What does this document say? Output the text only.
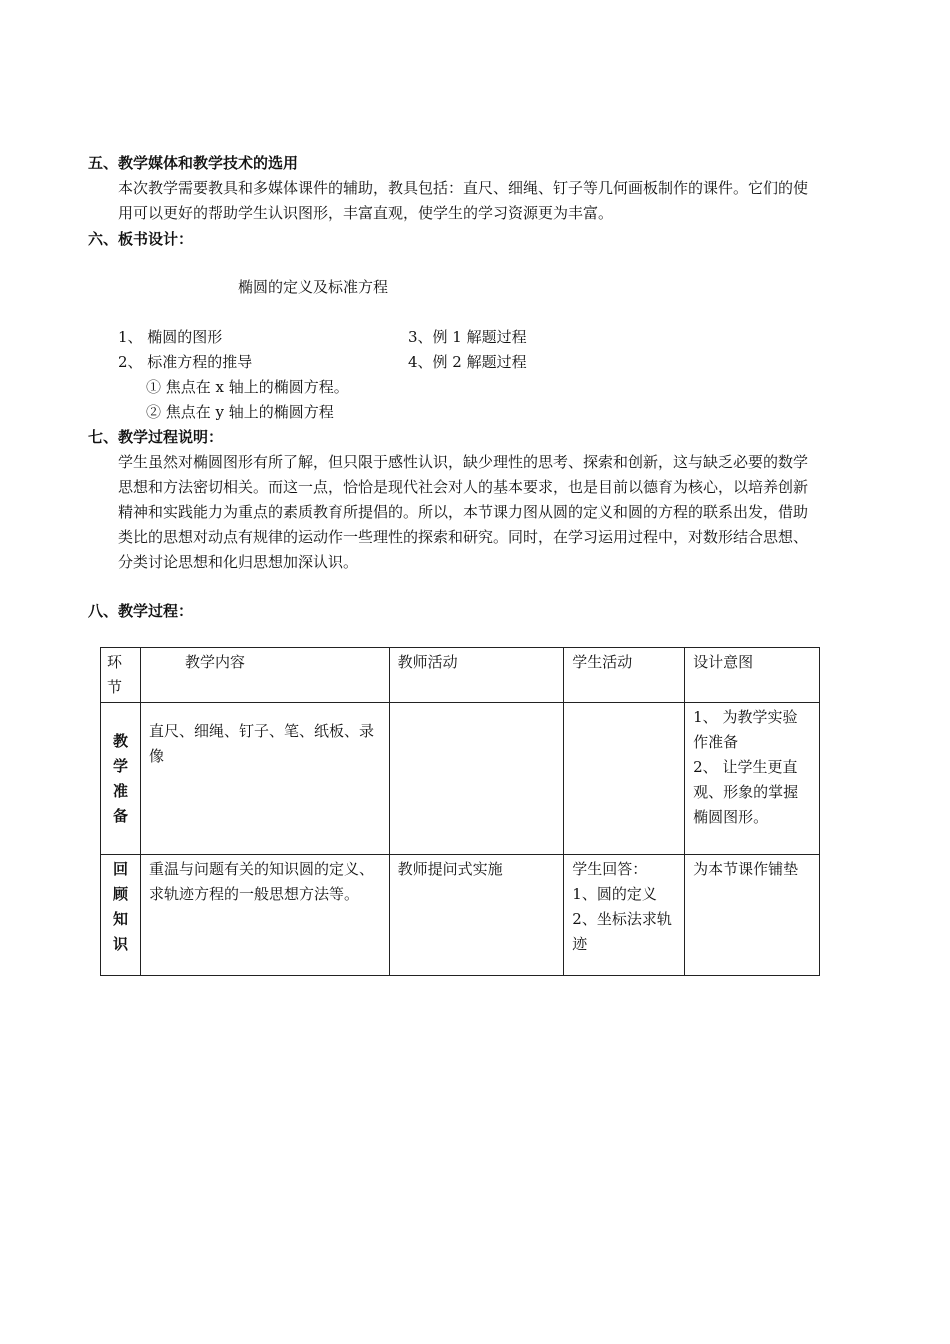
五、教学媒体和教学技术的选用
本次教学需要教具和多媒体课件的辅助，教具包括：直尺、细绳、钉子等几何画板制作的课件。它们的使用可以更好的帮助学生认识图形，丰富直观，使学生的学习资源更为丰富。
六、板书设计：
椭圆的定义及标准方程
1、 椭圆的图形	3、例 1 解题过程
2、 标准方程的推导	4、例 2 解题过程
① 焦点在 x 轴上的椭圆方程。
② 焦点在 y 轴上的椭圆方程
七、教学过程说明：
学生虽然对椭圆图形有所了解，但只限于感性认识，缺少理性的思考、探索和创新，这与缺乏必要的数学思想和方法密切相关。而这一点，恰恰是现代社会对人的基本要求，也是目前以德育为核心，以培养创新精神和实践能力为重点的素质教育所提倡的。所以，本节课力图从圆的定义和圆的方程的联系出发，借助类比的思想对动点有规律的运动作一些理性的探索和研究。同时，在学习运用过程中，对数形结合思想、分类讨论思想和化归思想加深认识。
八、教学过程：
环节	教学内容	教师活动	学生活动	设计意图

教
学
准
备	直尺、细绳、钉子、笔、纸板、录像			1、 为教学实验作准备
2、 让学生更直观、形象的掌握椭圆图形。

回
顾
知
识	重温与问题有关的知识圆的定义、求轨迹方程的一般思想方法等。	教师提问式实施	学生回答：
1、圆的定义
2、坐标法求轨迹	为本节课作铺垫
